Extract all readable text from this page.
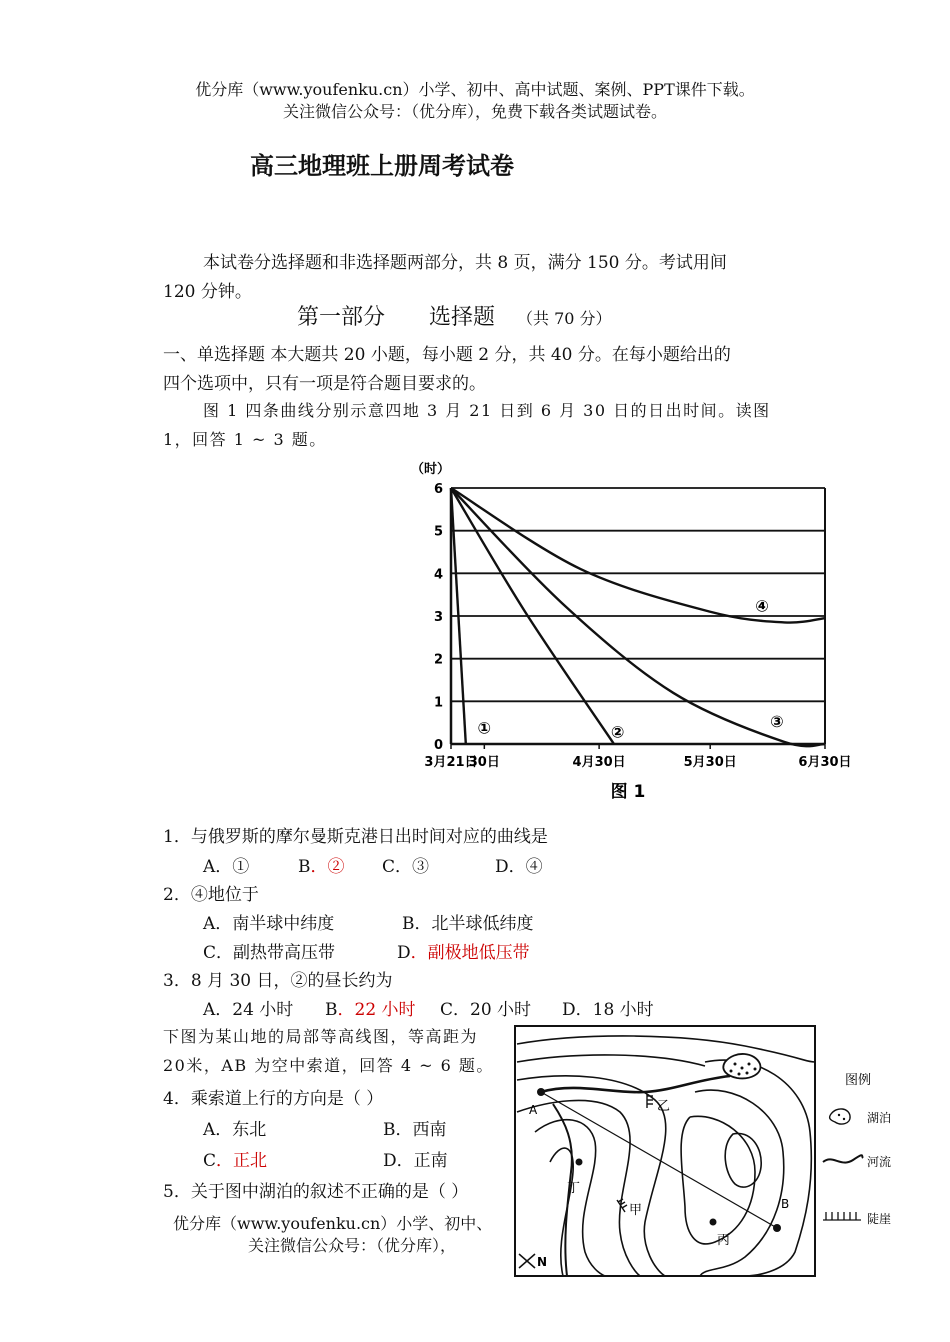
优分库（www.youfenku.cn）小学、初中、高中试题、案例、PPT课件下载。
关注微信公众号：（优分库），免费下载各类试题试卷。
高三地理班上册周考试卷
本试卷分选择题和非选择题两部分，共 8 页，满分 150 分。考试用间
120 分钟。
第一部分　　选择题 （共 70 分）
一、单选择题 本大题共 20 小题，每小题 2 分，共 40 分。在每小题给出的
四个选项中，只有一项是符合题目要求的。
图 1 四条曲线分别示意四地 3 月 21 日到 6 月 30 日的日出时间。读图
1，回答 1 ~ 3 题。
0
1
2
3
4
5
6
3月21日
30日	4月30日	5月30日	6月30日
①	②
③
④
（时）
图 1
1．与俄罗斯的摩尔曼斯克港日出时间对应的曲线是
A．①	B．② C．③	D．④
2．④地位于
A．南半球中纬度	B．北半球低纬度
C．副热带高压带	D．副极地低压带
3．8 月 30 日，②的昼长约为
A．24 小时 B．22 小时 C．20 小时 D．18 小时
下图为某山地的局部等高线图，等高距为
20米，AB 为空中索道，回答 4 ~ 6 题。
4．乘索道上行的方向是（ ）
A．东北	B．西南
C．正北	D．正南
5．关于图中湖泊的叙述不正确的是（ ）
优分库（www.youfenku.cn）小学、初中、
关注微信公众号：（优分库），
A
B
乙
甲
丁
丙
N
图例
湖泊
河流
陡崖
